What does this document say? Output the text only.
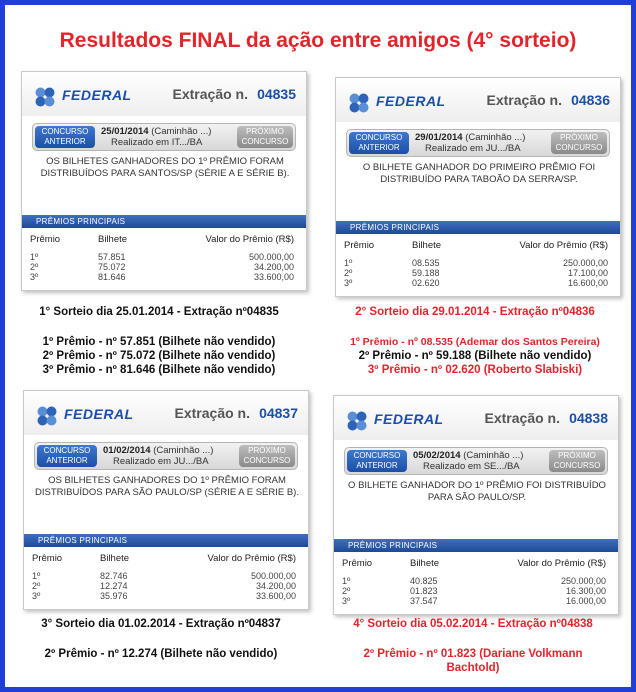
Resultados FINAL da ação entre amigos (4° sorteio)
FEDERAL	Extração n. 04835
CONCURSO
ANTERIOR
25/01/2014 (Caminhão ...)
Realizado em IT.../BA
PRÓXIMO
CONCURSO
OS BILHETES GANHADORES DO 1º PRÊMIO FORAM DISTRIBUÍDOS PARA SANTOS/SP (SÉRIE A E SÉRIE B).
PRÊMIOS PRINCIPAIS
Prêmio	Bilhete	Valor do Prêmio (R$)
1º	57.851	500.000,00
2º	75.072	34.200,00
3º	81.646	33.600,00
FEDERAL	Extração n. 04836
CONCURSO
ANTERIOR
29/01/2014 (Caminhão ...)
Realizado em JU.../BA
PRÓXIMO
CONCURSO
O BILHETE GANHADOR DO PRIMEIRO PRÊMIO FOI DISTRIBUÍDO PARA TABOÃO DA SERRA/SP.
PRÊMIOS PRINCIPAIS
Prêmio	Bilhete	Valor do Prêmio (R$)
1º	08.535	250.000,00
2º	59.188	17.100,00
3º	02.620	16.600,00
FEDERAL	Extração n. 04837
CONCURSO
ANTERIOR
01/02/2014 (Caminhão ...)
Realizado em JU.../BA
PRÓXIMO
CONCURSO
OS BILHETES GANHADORES DO 1º PRÊMIO FORAM DISTRIBUÍDOS PARA SÃO PAULO/SP (SÉRIE A E SÉRIE B).
PRÊMIOS PRINCIPAIS
Prêmio	Bilhete	Valor do Prêmio (R$)
1º	82.746	500.000,00
2º	12.274	34.200,00
3º	35.976	33.600,00
FEDERAL	Extração n. 04838
CONCURSO
ANTERIOR
05/02/2014 (Caminhão ...)
Realizado em SE.../BA
PRÓXIMO
CONCURSO
O BILHETE GANHADOR DO 1º PRÊMIO FOI DISTRIBUÍDO PARA SÃO PAULO/SP.
PRÊMIOS PRINCIPAIS
Prêmio	Bilhete	Valor do Prêmio (R$)
1º	40.825	250.000,00
2º	01.823	16.300,00
3º	37.547	16.000,00
1° Sorteio dia 25.01.2014 - Extração nº04835
1º Prêmio - nº 57.851 (Bilhete não vendido)
2º Prêmio - nº 75.072 (Bilhete não vendido)
3º Prêmio - nº 81.646 (Bilhete não vendido)
2° Sorteio dia 29.01.2014 - Extração nº04836
1º Prêmio - nº 08.535 (Ademar dos Santos Pereira)
2º Prêmio - nº 59.188 (Bilhete não vendido)
3º Prêmio - nº 02.620 (Roberto Slabiski)
3° Sorteio dia 01.02.2014 - Extração nº04837
2º Prêmio - nº 12.274 (Bilhete não vendido)
4° Sorteio dia 05.02.2014 - Extração nº04838
2º Prêmio - nº 01.823 (Dariane Volkmann Bachtold)
